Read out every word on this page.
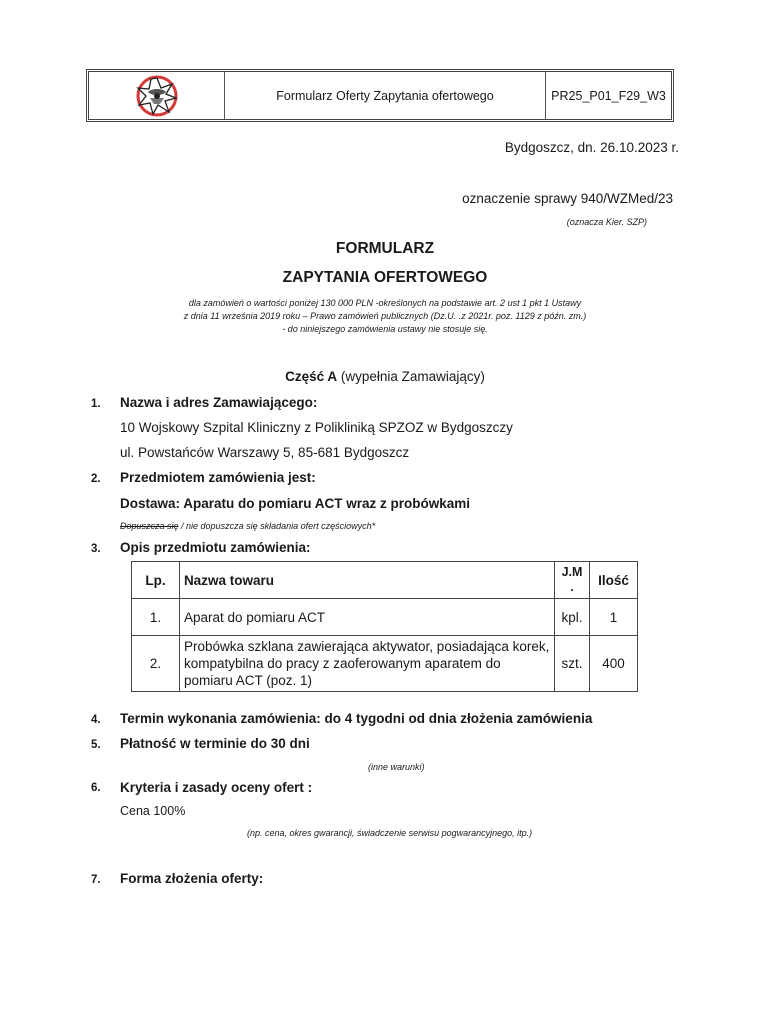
Formularz Oferty Zapytania ofertowego	PR25_P01_F29_W3
Bydgoszcz, dn. 26.10.2023 r.
oznaczenie sprawy 940/WZMed/23
(oznacza Kier. SZP)
FORMULARZ
ZAPYTANIA OFERTOWEGO
dla zamówień o wartości poniżej 130 000 PLN -określonych na podstawie art. 2 ust 1 pkt 1 Ustawy
z dnia 11 września 2019 roku – Prawo zamówień publicznych (Dz.U. .z 2021r. poz. 1129 z późn. zm.)
- do niniejszego zamówienia ustawy nie stosuje się.
Część A (wypełnia Zamawiający)
1. Nazwa i adres Zamawiającego:
10 Wojskowy Szpital Kliniczny z Polikliniką SPZOZ w Bydgoszczy
ul. Powstańców Warszawy 5, 85-681 Bydgoszcz
2. Przedmiotem zamówienia jest:
Dostawa: Aparatu do pomiaru ACT wraz z probówkami
Dopuszcza się / nie dopuszcza się składania ofert częściowych*
3. Opis przedmiotu zamówienia:
Lp.	Nazwa towaru	J.M .	Ilość
1.	Aparat do pomiaru ACT	kpl.	1
2.	Probówka szklana zawierająca aktywator, posiadająca korek, kompatybilna do pracy z zaoferowanym aparatem do pomiaru ACT (poz. 1)	szt.	400
4. Termin wykonania zamówienia: do 4 tygodni od dnia złożenia zamówienia
5. Płatność w terminie do 30 dni
(inne warunki)
6. Kryteria i zasady oceny ofert :
Cena 100%
(np. cena, okres gwarancji, świadczenie serwisu pogwarancyjnego, itp.)
7. Forma złożenia oferty:
